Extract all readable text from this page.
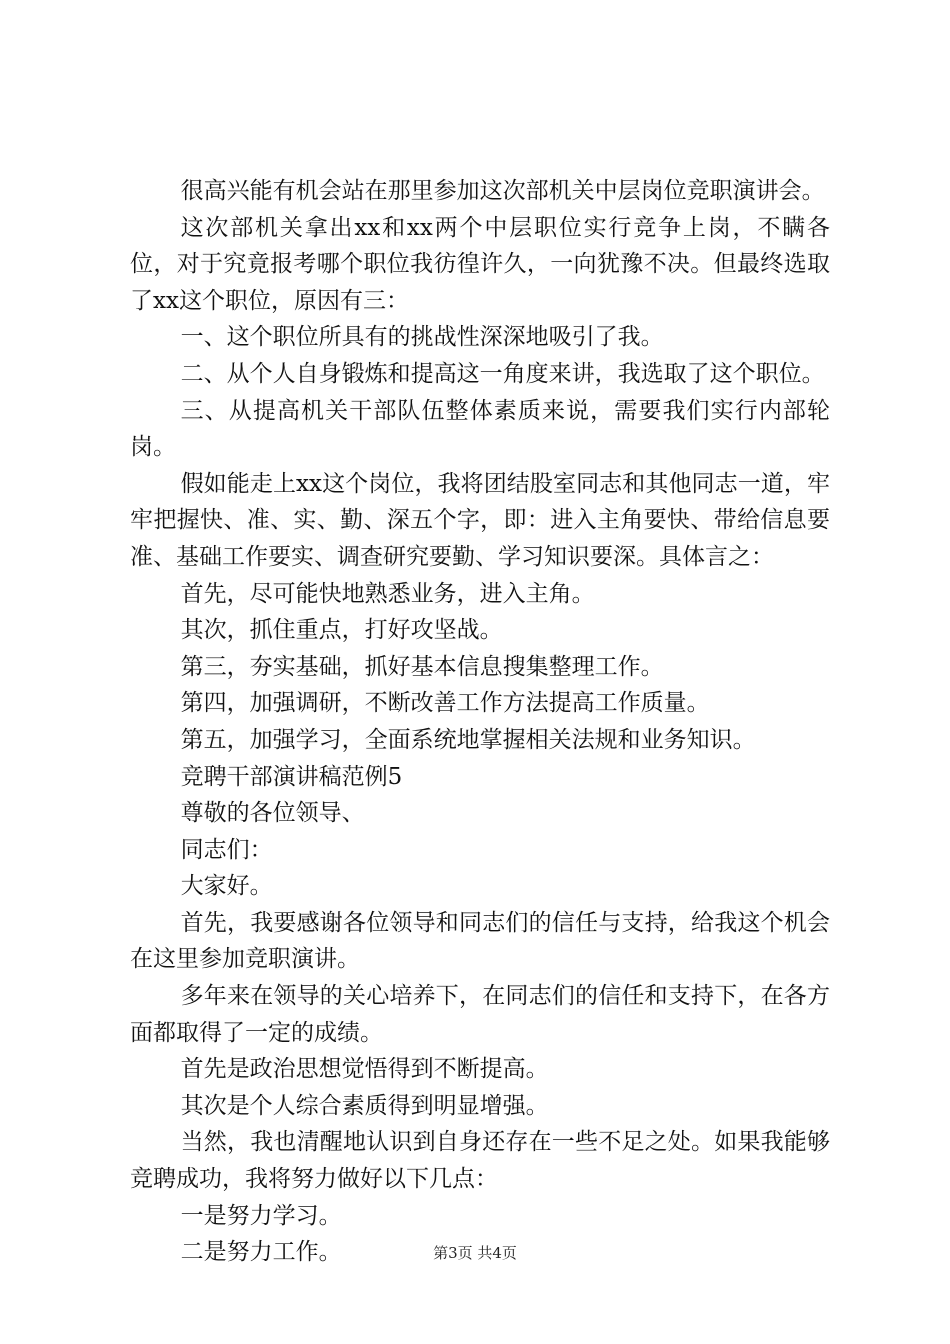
很高兴能有机会站在那里参加这次部机关中层岗位竞职演讲会。

这次部机关拿出xx和xx两个中层职位实行竞争上岗，不瞒各位，对于究竟报考哪个职位我彷徨许久，一向犹豫不决。但最终选取了xx这个职位，原因有三：

一、这个职位所具有的挑战性深深地吸引了我。

二、从个人自身锻炼和提高这一角度来讲，我选取了这个职位。

三、从提高机关干部队伍整体素质来说，需要我们实行内部轮岗。

假如能走上xx这个岗位，我将团结股室同志和其他同志一道，牢牢把握快、准、实、勤、深五个字，即：进入主角要快、带给信息要准、基础工作要实、调查研究要勤、学习知识要深。具体言之：

首先，尽可能快地熟悉业务，进入主角。

其次，抓住重点，打好攻坚战。

第三，夯实基础，抓好基本信息搜集整理工作。

第四，加强调研，不断改善工作方法提高工作质量。

第五，加强学习，全面系统地掌握相关法规和业务知识。

竞聘干部演讲稿范例5

尊敬的各位领导、

同志们：

大家好。

首先，我要感谢各位领导和同志们的信任与支持，给我这个机会在这里参加竞职演讲。

多年来在领导的关心培养下，在同志们的信任和支持下，在各方面都取得了一定的成绩。

首先是政治思想觉悟得到不断提高。

其次是个人综合素质得到明显增强。

当然，我也清醒地认识到自身还存在一些不足之处。如果我能够竞聘成功，我将努力做好以下几点：

一是努力学习。

二是努力工作。	第3页 共4页
